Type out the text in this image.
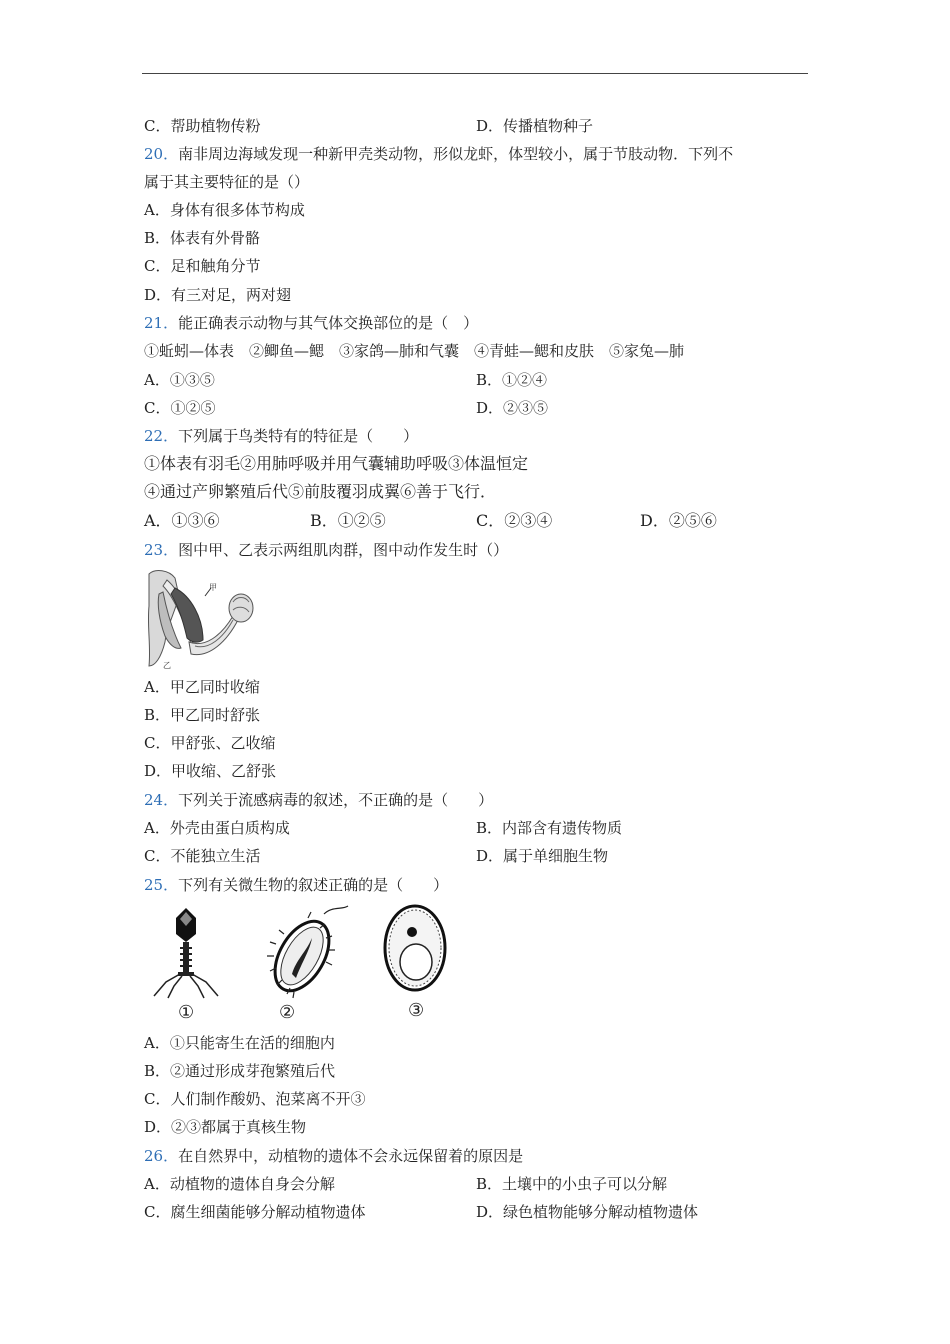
C．帮助植物传粉	D．传播植物种子
20．南非周边海域发现一种新甲壳类动物，形似龙虾，体型较小，属于节肢动物．下列不
属于其主要特征的是（）
A．身体有很多体节构成
B．体表有外骨骼
C．足和触角分节
D．有三对足，两对翅
21．能正确表示动物与其气体交换部位的是（　）
①蚯蚓—体表　②鲫鱼—鳃　③家鸽—肺和气囊　④青蛙—鳃和皮肤　⑤家兔—肺
A．①③⑤	B．①②④
C．①②⑤	D．②③⑤
22．下列属于鸟类特有的特征是（　　）
①体表有羽毛②用肺呼吸并用气囊辅助呼吸③体温恒定
④通过产卵繁殖后代⑤前肢覆羽成翼⑥善于飞行．
A．①③⑥	B．①②⑤	C．②③④	D．②⑤⑥
23．图中甲、乙表示两组肌肉群，图中动作发生时（）
甲
乙
A．甲乙同时收缩
B．甲乙同时舒张
C．甲舒张、乙收缩
D．甲收缩、乙舒张
24．下列关于流感病毒的叙述，不正确的是（　　）
A．外壳由蛋白质构成	B．内部含有遗传物质
C．不能独立生活	D．属于单细胞生物
25．下列有关微生物的叙述正确的是（　　）
①	②	③
A．①只能寄生在活的细胞内
B．②通过形成芽孢繁殖后代
C．人们制作酸奶、泡菜离不开③
D．②③都属于真核生物
26．在自然界中，动植物的遗体不会永远保留着的原因是
A．动植物的遗体自身会分解	B．土壤中的小虫子可以分解
C．腐生细菌能够分解动植物遗体	D．绿色植物能够分解动植物遗体
